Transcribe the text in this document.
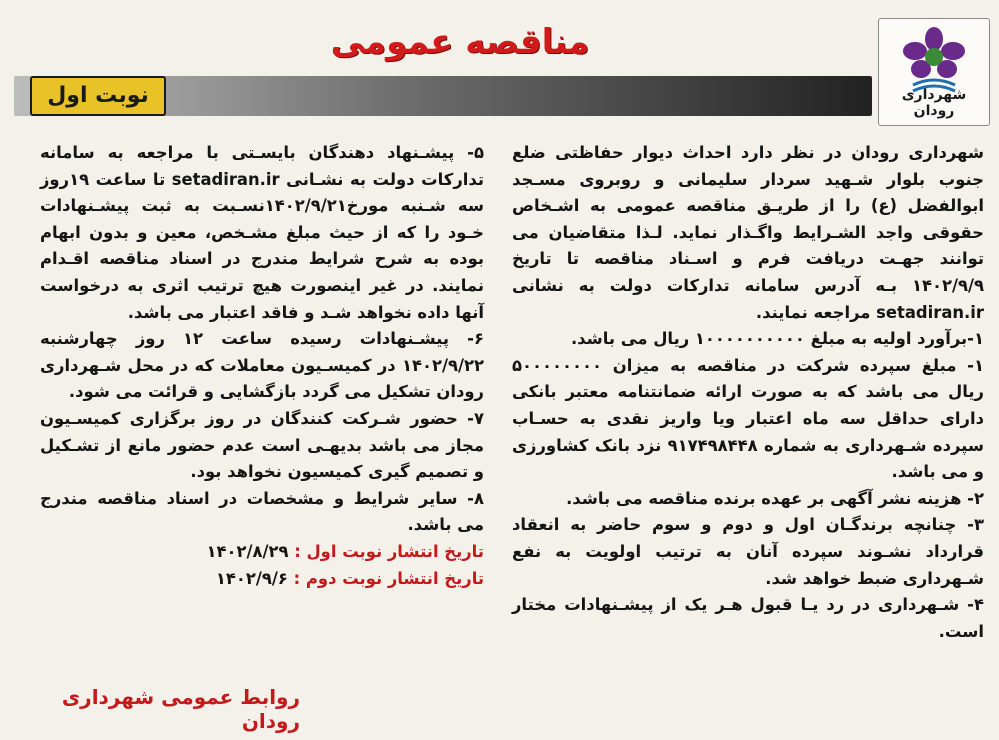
شهرداری رودان
مناقصه عمومی
نوبت اول

شهرداری رودان در نظر دارد احداث دیوار حفاظتی ضلع جنوب بلوار شـهید سردار سلیمانی و روبروی مسـجد ابوالفضل (ع) را از طریـق مناقصه عمومی به اشـخاص حقوقی واجد الشـرایط واگـذار نماید. لـذا متقاضیان می توانند جهـت دریافت فرم و اسـناد مناقصه تا تاریخ ۱۴۰۲/۹/۹ بـه آدرس سامانه تدارکات دولت به نشانی setadiran.ir مراجعه نمایند.

۱-برآورد اولیه به مبلغ ۱۰۰۰۰۰۰۰۰۰۰ ریال می باشد.

۱- مبلغ سپرده شرکت در مناقصه به میزان ۵۰۰۰۰۰۰۰۰ ریال می باشد که به صورت ارائه ضمانتنامه معتبر بانکی دارای حداقل سه ماه اعتبار ویا واریز نقدی به حسـاب سپرده شـهرداری به شماره ۹۱۷۴۹۸۴۴۸ نزد بانک کشاورزی و می باشد.

۲- هزینه نشر آگهی بر عهده برنده مناقصه می باشد.

۳- چنانچه برندگـان اول و دوم و سوم حاضر به انعقاد قرارداد نشـوند سپرده آنان به ترتیب اولویت به نفع شـهرداری ضبط خواهد شد.

۴- شـهرداری در رد یـا قبول هـر یک از پیشـنهادات مختار است.

۵- پیشـنهاد دهندگان بایسـتی با مراجعه به سامانه تدارکات دولت به نشـانی setadiran.ir تا ساعت ۱۹روز سه شـنبه مورخ۱۴۰۲/۹/۲۱نسـبت به ثبت پیشـنهادات خـود را که از حیث مبلغ مشـخص، معین و بدون ابهام بوده به شرح شرایط مندرج در اسناد مناقصه اقـدام نمایند. در غیر اینصورت هیچ ترتیب اثری به درخواست آنها داده نخواهد شـد و فاقد اعتبار می باشد.

۶- پیشـنهادات رسیده ساعت ۱۲ روز چهارشنبه ۱۴۰۲/۹/۲۲ در کمیسـیون معاملات که در محل شـهرداری رودان تشکیل می گردد بازگشایی و قرائت می شود.

۷- حضور شـرکت کنندگان در روز برگزاری کمیسـیون مجاز می باشد بدیهـی است عدم حضور مانع از تشـکیل و تصمیم گیری کمیسیون نخواهد بود.

۸- سایر شرایط و مشخصات در اسناد مناقصه مندرج می باشد.

تاریخ انتشار نوبت اول : ۱۴۰۲/۸/۲۹

تاریخ انتشار نوبت دوم : ۱۴۰۲/۹/۶

روابط عمومی شهرداری رودان
